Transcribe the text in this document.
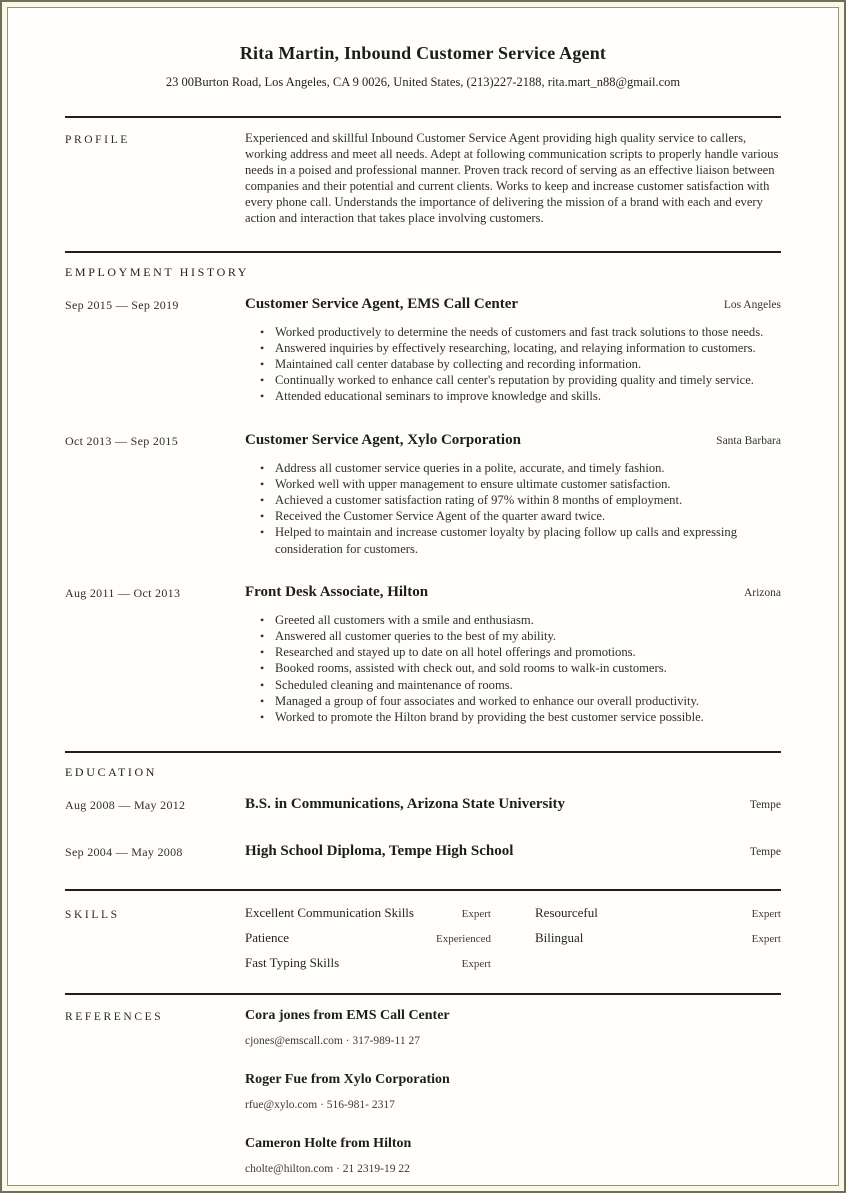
Rita Martin, Inbound Customer Service Agent

23 00Burton Road, Los Angeles, CA 9 0026, United States, (213)227-2188, rita.mart_n88@gmail.com

PROFILE	Experienced and skillful Inbound Customer Service Agent providing high quality service to callers, working address and meet all needs. Adept at following communication scripts to properly handle various needs in a poised and professional manner. Proven track record of serving as an effective liaison between companies and their potential and current clients. Works to keep and increase customer satisfaction with every phone call. Understands the importance of delivering the mission of a brand with each and every action and interaction that takes place involving customers.

EMPLOYMENT HISTORY
Sep 2015 — Sep 2019	Customer Service Agent, EMS Call Center	Los Angeles
• Worked productively to determine the needs of customers and fast track solutions to those needs.
• Answered inquiries by effectively researching, locating, and relaying information to customers.
• Maintained call center database by collecting and recording information.
• Continually worked to enhance call center's reputation by providing quality and timely service.
• Attended educational seminars to improve knowledge and skills.
Oct 2013 — Sep 2015	Customer Service Agent, Xylo Corporation	Santa Barbara
• Address all customer service queries in a polite, accurate, and timely fashion.
• Worked well with upper management to ensure ultimate customer satisfaction.
• Achieved a customer satisfaction rating of 97% within 8 months of employment.
• Received the Customer Service Agent of the quarter award twice.
• Helped to maintain and increase customer loyalty by placing follow up calls and expressing consideration for customers.
Aug 2011 — Oct 2013	Front Desk Associate, Hilton	Arizona
• Greeted all customers with a smile and enthusiasm.
• Answered all customer queries to the best of my ability.
• Researched and stayed up to date on all hotel offerings and promotions.
• Booked rooms, assisted with check out, and sold rooms to walk-in customers.
• Scheduled cleaning and maintenance of rooms.
• Managed a group of four associates and worked to enhance our overall productivity.
• Worked to promote the Hilton brand by providing the best customer service possible.
EDUCATION
Aug 2008 — May 2012	B.S. in Communications, Arizona State University	Tempe
Sep 2004 — May 2008	High School Diploma, Tempe High School	Tempe
SKILLS	Excellent Communication Skills	Expert	Resourceful	Expert
Patience	Experienced	Bilingual	Expert
Fast Typing Skills	Expert
REFERENCES	Cora jones from EMS Call Center

cjones@emscall.com · 317-989-11 27

Roger Fue from Xylo Corporation

rfue@xylo.com · 516-981- 2317

Cameron Holte from Hilton

cholte@hilton.com · 21 2319-19 22
